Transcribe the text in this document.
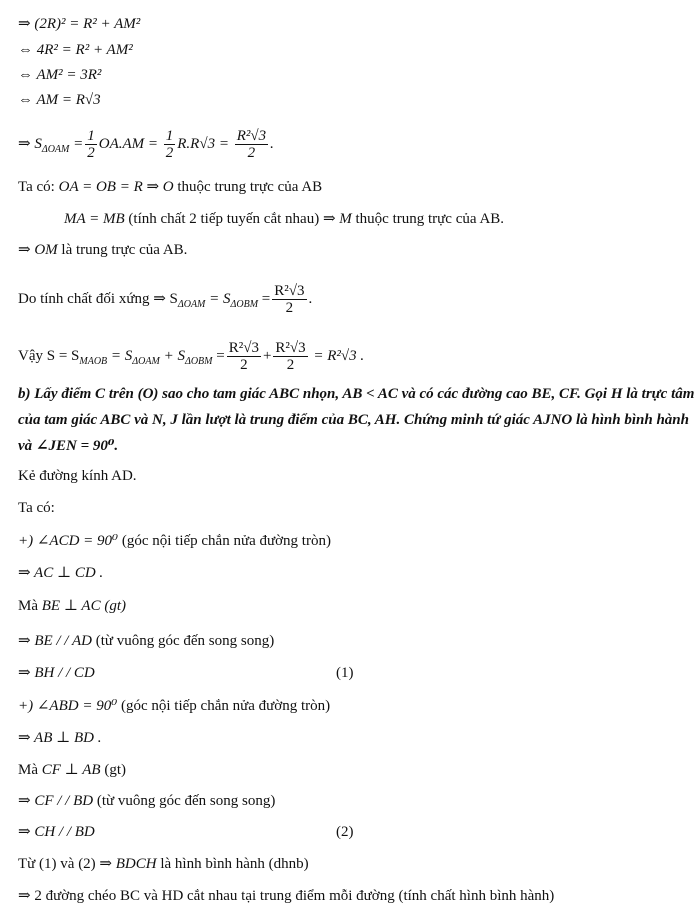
⇒ (2R)² = R² + AM²
⇔ 4R² = R² + AM²
⇔ AM² = 3R²
⇔ AM = R√3
⇒ $S_{\Delta OAM} = \frac{1}{2} OA.AM = \frac{1}{2} R.R√3 = \frac{\text{R²√3}}{2}$ .
Ta có: OA = OB = R ⇒ O thuộc trung trực của AB
MA = MB (tính chất 2 tiếp tuyến cắt nhau) ⇒ M thuộc trung trực của AB.
⇒ OM là trung trực của AB.
Do tính chất đối xứng ⇒ $S_{\Delta OAM} = S_{\Delta OBM} = \frac{\text{R²√3}}{2}$ .
Vậy $S = S_{MAOB} = S_{\Delta OAM} + S_{\Delta OBM} = \frac{\text{R²√3}}{2} + \frac{\text{R²√3}}{2} = R^2√3$ .
b) Lấy điểm C trên (O) sao cho tam giác ABC nhọn, AB < AC và có các đường cao BE, CF. Gọi H là trực tâm
của tam giác ABC và N, J lần lượt là trung điểm của BC, AH. Chứng minh tứ giác AJNO là hình bình hành
và ∠JEN = 90⁰.
Kẻ đường kính AD.
Ta có:
+) ∠ACD = 90⁰ (góc nội tiếp chắn nửa đường tròn)
⇒ AC ⊥ CD .
Mà BE ⊥ AC (gt)
⇒ BE / / AD (từ vuông góc đến song song)
⇒ BH / / CD	(1)
+) ∠ABD = 90⁰ (góc nội tiếp chắn nửa đường tròn)
⇒ AB ⊥ BD .
Mà CF ⊥ AB (gt)
⇒ CF / / BD (từ vuông góc đến song song)
⇒ CH / / BD	(2)
Từ (1) và (2) ⇒ BDCH là hình bình hành (dhnb)
⇒ 2 đường chéo BC và HD cắt nhau tại trung điểm mỗi đường (tính chất hình bình hành)
